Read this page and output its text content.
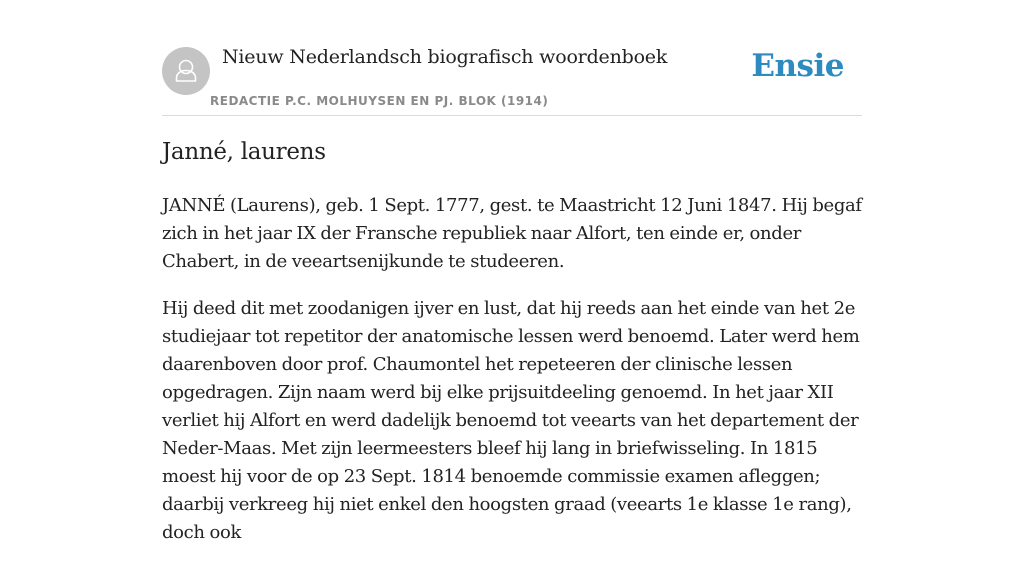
Nieuw Nederlandsch biografisch woordenboek
REDACTIE P.C. MOLHUYSEN EN PJ. BLOK (1914)
Ensie
Janné, laurens

JANNÉ (Laurens), geb. 1 Sept. 1777, gest. te Maastricht 12 Juni 1847. Hij begaf zich in het jaar IX der Fransche republiek naar Alfort, ten einde er, onder Chabert, in de veeartsenijkunde te studeeren.

Hij deed dit met zoodanigen ijver en lust, dat hij reeds aan het einde van het 2e studiejaar tot repetitor der anatomische lessen werd benoemd. Later werd hem daarenboven door prof. Chaumontel het repeteeren der clinische lessen opgedragen. Zijn naam werd bij elke prijsuitdeeling genoemd. In het jaar XII verliet hij Alfort en werd dadelijk benoemd tot veearts van het departement der Neder-Maas. Met zijn leermeesters bleef hij lang in briefwisseling. In 1815 moest hij voor de op 23 Sept. 1814 benoemde commissie examen afleggen; daarbij verkreeg hij niet enkel den hoogsten graad (veearts 1e klasse 1e rang), doch ook
